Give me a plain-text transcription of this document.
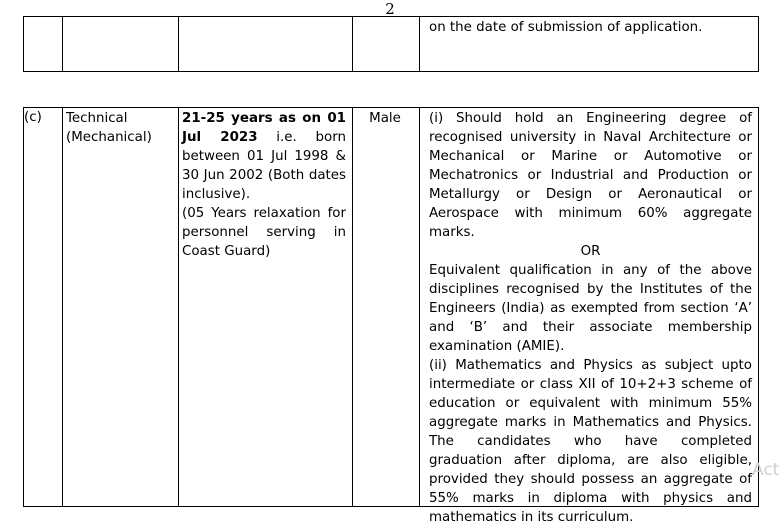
2
on the date of submission of application.
(c) Technical
(Mechanical)
21-25 years as on 01 Jul 2023 i.e. born between 01 Jul 1998 & 30 Jun 2002 (Both dates inclusive).
(05 Years relaxation for personnel serving in Coast Guard)
Male	(i) Should hold an Engineering degree of recognised university in Naval Architecture or Mechanical or Marine or Automotive or Mechatronics or Industrial and Production or Metallurgy or Design or Aeronautical or Aerospace with minimum 60% aggregate marks.
OR
Equivalent qualification in any of the above disciplines recognised by the Institutes of the Engineers (India) as exempted from section ‘A’ and ‘B’ and their associate membership examination (AMIE).
(ii) Mathematics and Physics as subject upto intermediate or class XII of 10+2+3 scheme of education or equivalent with minimum 55% aggregate marks in Mathematics and Physics. The candidates who have completed graduation after diploma, are also eligible, provided they should possess an aggregate of 55% marks in diploma with physics and mathematics in its curriculum.
Act
